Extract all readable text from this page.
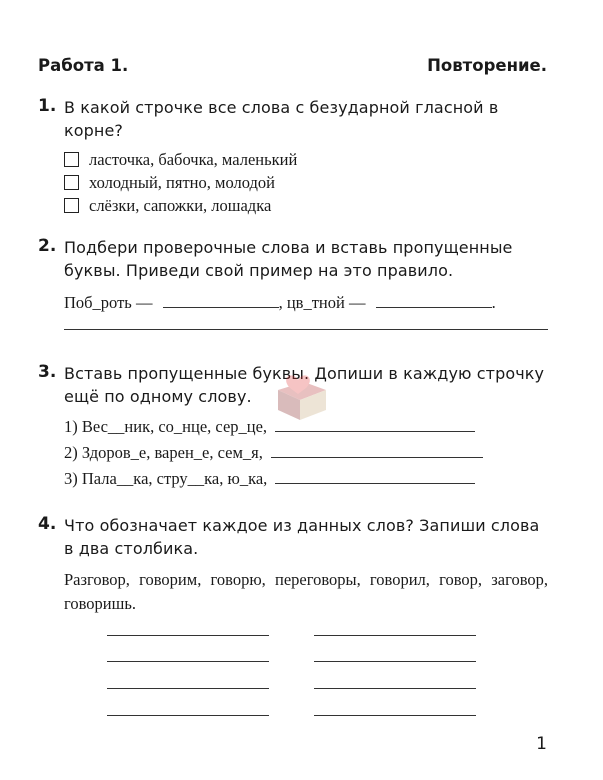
Работа 1.	Повторение.
1. В какой строчке все слова с безударной гласной в корне?
ласточка, бабочка, маленький
холодный, пятно, молодой
слёзки, сапожки, лошадка
2. Подбери проверочные слова и вставь пропущенные буквы. Приведи свой пример на это правило.
Поб_роть —	, цв_тной —	.
3. Вставь пропущенные буквы. Допиши в каждую строчку ещё по одному слову.
1) Вес__ник, со_нце, сер_це,
2) Здоров_е, варен_е, сем_я,
3) Пала__ка, стру__ка, ю_ка,
4. Что обозначает каждое из данных слов? Запиши слова в два столбика.
Разговор, говорим, говорю, переговоры, говорил, говор, заговор, говоришь.
1
